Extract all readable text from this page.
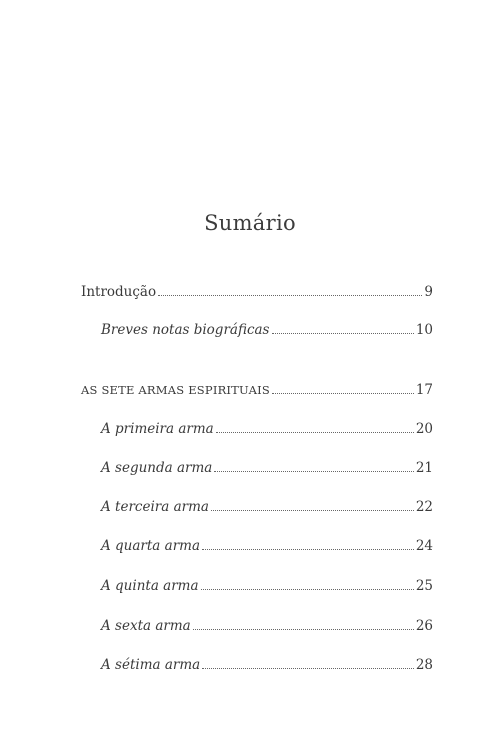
Sumário
Introdução	9
Breves notas biográficas	10
AS SETE ARMAS ESPIRITUAIS	17
A primeira arma	20
A segunda arma	21
A terceira arma	22
A quarta arma	24
A quinta arma	25
A sexta arma	26
A sétima arma	28
